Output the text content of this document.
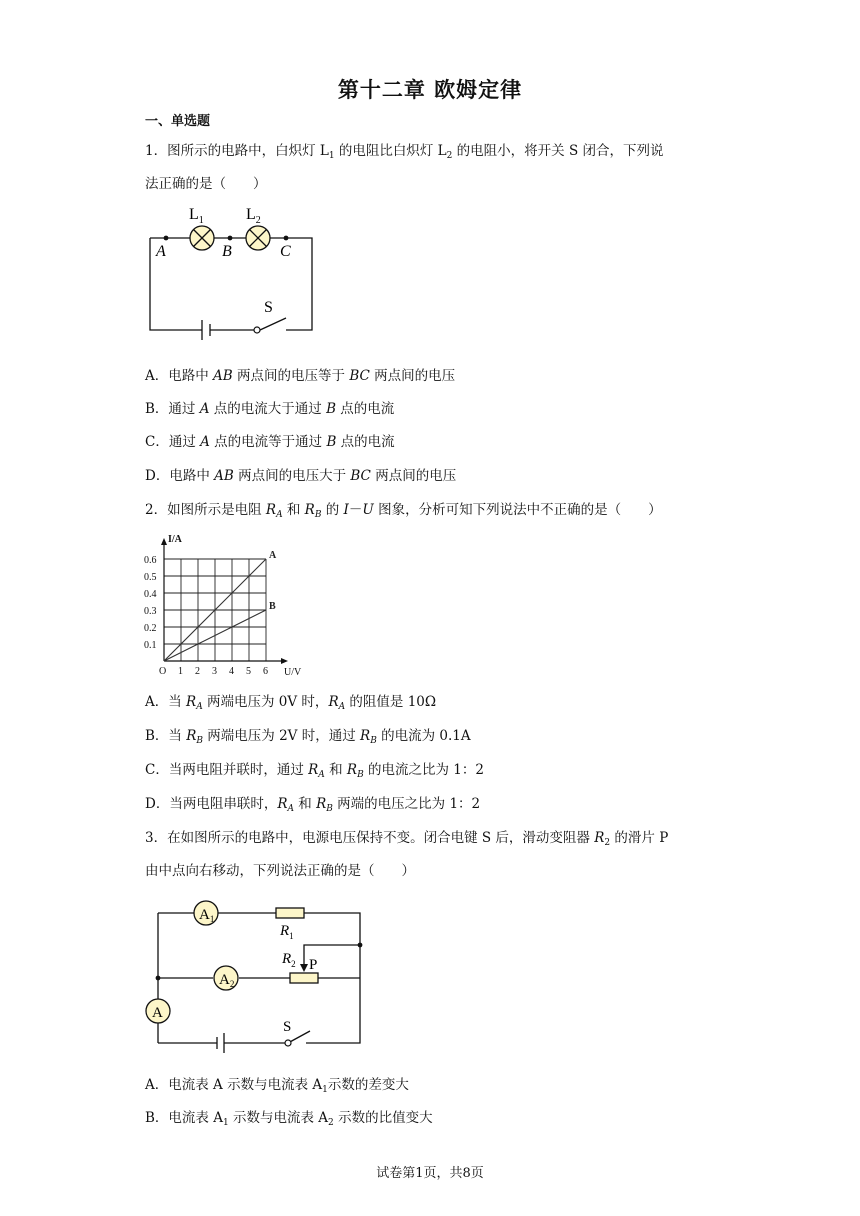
第十二章 欧姆定律
一、单选题
1．图所示的电路中，白炽灯 $L_1$ 的电阻比白炽灯 $L_2$ 的电阻小，将开关 S 闭合，下列说
法正确的是（　　）
$L_1$	$L_2$
A	B	C
S
A．电路中 AB 两点间的电压等于 BC 两点间的电压
B．通过 A 点的电流大于通过 B 点的电流
C．通过 A 点的电流等于通过 B 点的电流
D．电路中 AB 两点间的电压大于 BC 两点间的电压
2．如图所示是电阻 $R_A$ 和 $R_B$ 的 I－U 图象，分析可知下列说法中不正确的是（　　）
A
B
1 2 3 4 5 6
0.1
0.2
0.3
0.4
0.5
0.6
O	U/V
I/A
A．当 $R_A$ 两端电压为 0V 时，$R_A$ 的阻值是 10Ω
B．当 $R_B$ 两端电压为 2V 时，通过 $R_B$ 的电流为 0.1A
C．当两电阻并联时，通过 $R_A$ 和 $R_B$ 的电流之比为 1：2
D．当两电阻串联时，$R_A$ 和 $R_B$ 两端的电压之比为 1：2
3．在如图所示的电路中，电源电压保持不变。闭合电键 S 后，滑动变阻器 $R_2$ 的滑片 P
由中点向右移动，下列说法正确的是（　　）
$A_1$
$A_2$
A
$R_1$
$R_2$ P
S
A．电流表 A 示数与电流表 $A_1$示数的差变大
B．电流表 $A_1$ 示数与电流表 $A_2$ 示数的比值变大
试卷第1页，共8页
